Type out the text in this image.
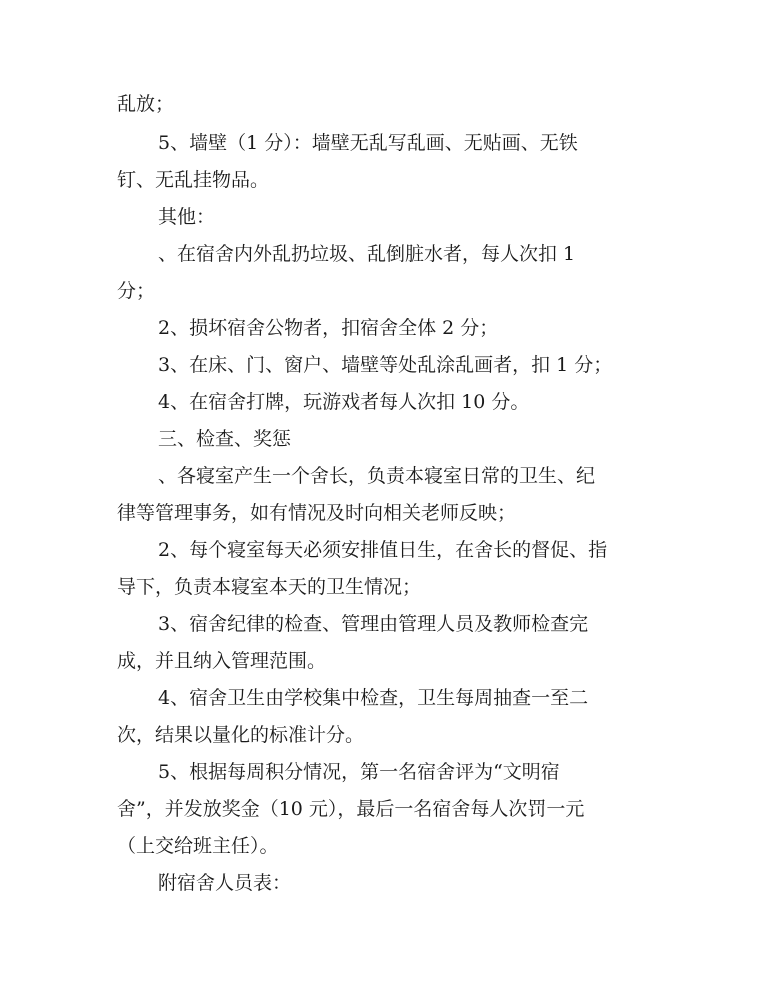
乱放；

5、墙壁（1 分）：墙壁无乱写乱画、无贴画、无铁

钉、无乱挂物品。

其他：

、在宿舍内外乱扔垃圾、乱倒脏水者，每人次扣 1

分；

2、损坏宿舍公物者，扣宿舍全体 2 分；

3、在床、门、窗户、墙壁等处乱涂乱画者，扣 1 分；

4、在宿舍打牌，玩游戏者每人次扣 10 分。

三、检查、奖惩

、各寝室产生一个舍长，负责本寝室日常的卫生、纪

律等管理事务，如有情况及时向相关老师反映；

2、每个寝室每天必须安排值日生，在舍长的督促、指

导下，负责本寝室本天的卫生情况；

3、宿舍纪律的检查、管理由管理人员及教师检查完

成，并且纳入管理范围。

4、宿舍卫生由学校集中检查，卫生每周抽查一至二

次，结果以量化的标准计分。

5、根据每周积分情况，第一名宿舍评为“文明宿

舍”，并发放奖金（10 元），最后一名宿舍每人次罚一元

（上交给班主任）。

附宿舍人员表：
